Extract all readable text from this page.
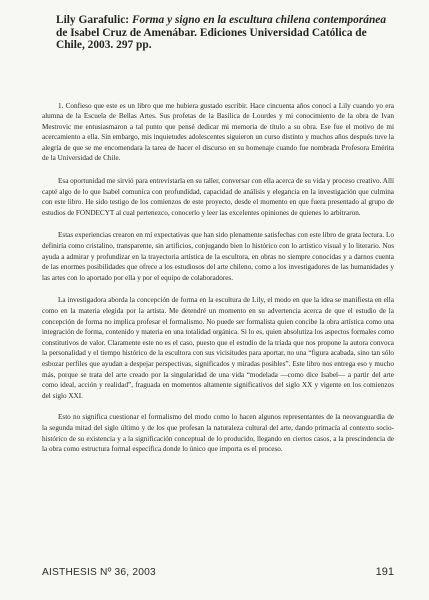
Lily Garafulic: Forma y signo en la escultura chilena contemporánea de Isabel Cruz de Amenábar. Ediciones Universidad Católica de Chile, 2003. 297 pp.

1. Confieso que este es un libro que me hubiera gustado escribir. Hace cincuenta años conocí a Lily cuando yo era alumna de la Escuela de Bellas Artes. Sus profetas de la Basílica de Lourdes y mi conocimiento de la obra de Ivan Mestrovic me entusiasmaron a tal punto que pensé dedicar mi memoria de título a su obra. Ese fue el motivo de mi acercamiento a ella. Sin embargo, mis inquietudes adolescentes siguieron un curso distinto y muchos años después tuve la alegría de que se me encomendara la tarea de hacer el discurso en su homenaje cuando fue nombrada Profesora Emérita de la Universidad de Chile.

Esa oportunidad me sirvió para entrevistarla en su taller, conversar con ella acerca de su vida y proceso creativo. Allí capté algo de lo que Isabel comunica con profundidad, capacidad de análisis y elegancia en la investigación que culmina con este libro. He sido testigo de los comienzos de este proyecto, desde el momento en que fuera presentado al grupo de estudios de FONDECYT al cual pertenezco, conocerlo y leer las excelentes opiniones de quienes lo arbitraron.

Estas experiencias crearon en mí expectativas que han sido plenamente satisfechas con este libro de grata lectura. Lo definiría como cristalino, transparente, sin artificios, conjugando bien lo histórico con lo artístico visual y lo literario. Nos ayuda a admirar y profundizar en la trayectoria artística de la escultora, en obras no siempre conocidas y a darnos cuenta de las enormes posibilidades que ofrece a los estudiosos del arte chileno, como a los investigadores de las humanidades y las artes con lo aportado por ella y por el equipo de colaboradores.

La investigadora aborda la concepción de forma en la escultura de Lily, el modo en que la idea se manifiesta en ella como en la materia elegida por la artista. Me detendré un momento en su advertencia acerca de que el estudio de la concepción de forma no implica profesar el formalismo. No puede ser formalista quien concibe la obra artística como una integración de forma, contenido y materia en una totalidad orgánica. Si lo es, quien absolutiza los aspectos formales como constitutivos de valor. Claramente este no es el caso, puesto que el estudio de la tríada que nos propone la autora convoca la personalidad y el tiempo histórico de la escultora con sus vicisitudes para aportar, no una “figura acabada, sino tan sólo esbozar perfiles que ayudan a despejar perspectivas, significados y miradas posibles”. Este libro nos entrega eso y mucho más, porque se trata del arte creado por la singularidad de una vida “modelada —como dice Isabel— a partir del arte como ideal, acción y realidad”, fraguada en momentos altamente significativos del siglo XX y vigente en los comienzos del siglo XXI.

Esto no significa cuestionar el formalismo del modo como lo hacen algunos representantes de la neovanguardia de la segunda mitad del siglo último y de los que profesan la naturaleza cultural del arte, dando primacía al contexto socio-histórico de su existencia y a la significación conceptual de lo producido, llegando en ciertos casos, a la prescindencia de la obra como estructura formal específica donde lo único que importa es el proceso.

AISTHESIS Nº 36, 2003	191
